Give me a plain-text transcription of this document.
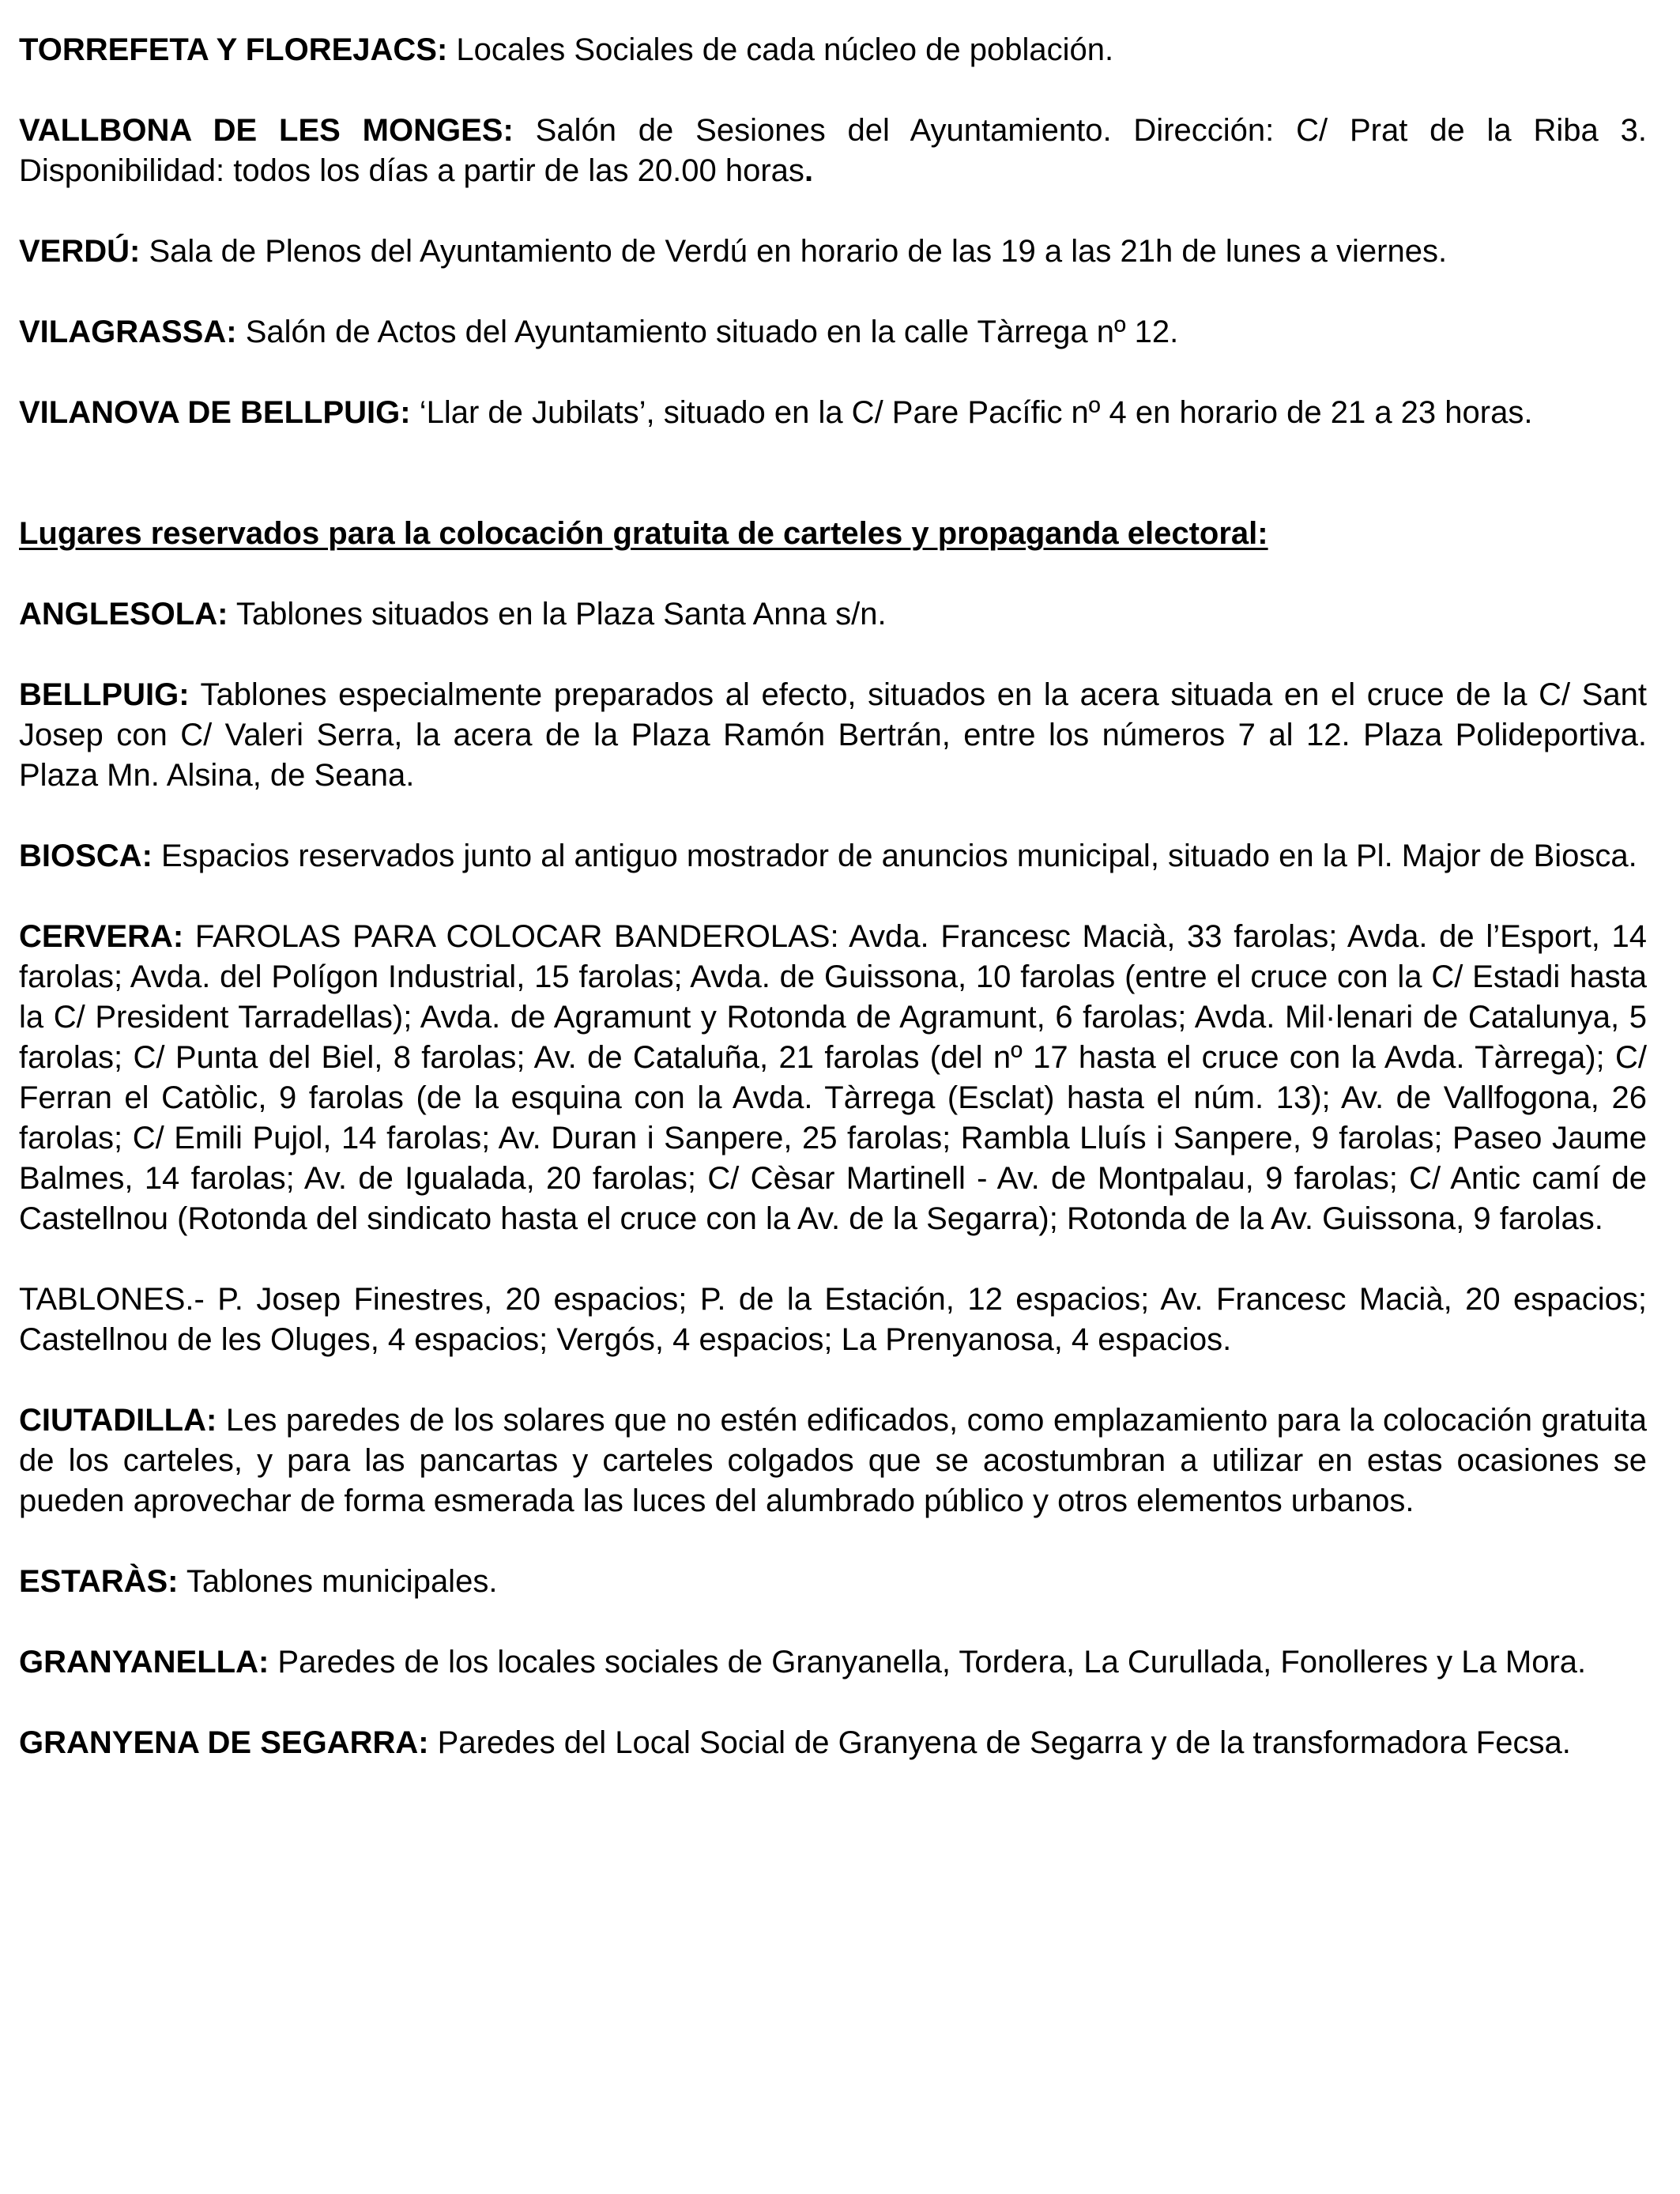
TORREFETA Y FLOREJACS: Locales Sociales de cada núcleo de población.

VALLBONA DE LES MONGES: Salón de Sesiones del Ayuntamiento. Dirección: C/ Prat de la Riba 3. Disponibilidad: todos los días a partir de las 20.00 horas.

VERDÚ: Sala de Plenos del Ayuntamiento de Verdú en horario de las 19 a las 21h de lunes a viernes.

VILAGRASSA: Salón de Actos del Ayuntamiento situado en la calle Tàrrega nº 12.

VILANOVA DE BELLPUIG: ‘Llar de Jubilats’, situado en la C/ Pare Pacífic nº 4 en horario de 21 a 23 horas.

Lugares reservados para la colocación gratuita de carteles y propaganda electoral:

ANGLESOLA: Tablones situados en la Plaza Santa Anna s/n.

BELLPUIG: Tablones especialmente preparados al efecto, situados en la acera situada en el cruce de la C/ Sant Josep con C/ Valeri Serra, la acera de la Plaza Ramón Bertrán, entre los números 7 al 12. Plaza Polideportiva. Plaza Mn. Alsina, de Seana.

BIOSCA: Espacios reservados junto al antiguo mostrador de anuncios municipal, situado en la Pl. Major de Biosca.

CERVERA: FAROLAS PARA COLOCAR BANDEROLAS: Avda. Francesc Macià, 33 farolas; Avda. de l’Esport, 14 farolas; Avda. del Polígon Industrial, 15 farolas; Avda. de Guissona, 10 farolas (entre el cruce con la C/ Estadi hasta la C/ President Tarradellas); Avda. de Agramunt y Rotonda de Agramunt, 6 farolas; Avda. Mil·lenari de Catalunya, 5 farolas; C/ Punta del Biel, 8 farolas; Av. de Cataluña, 21 farolas (del nº 17 hasta el cruce con la Avda. Tàrrega); C/ Ferran el Catòlic, 9 farolas (de la esquina con la Avda. Tàrrega (Esclat) hasta el núm. 13); Av. de Vallfogona, 26 farolas; C/ Emili Pujol, 14 farolas; Av. Duran i Sanpere, 25 farolas; Rambla Lluís i Sanpere, 9 farolas; Paseo Jaume Balmes, 14 farolas; Av. de Igualada, 20 farolas; C/ Cèsar Martinell - Av. de Montpalau, 9 farolas; C/ Antic camí de Castellnou (Rotonda del sindicato hasta el cruce con la Av. de la Segarra); Rotonda de la Av. Guissona, 9 farolas.

TABLONES.- P. Josep Finestres, 20 espacios; P. de la Estación, 12 espacios; Av. Francesc Macià, 20 espacios; Castellnou de les Oluges, 4 espacios; Vergós, 4 espacios; La Prenyanosa, 4 espacios.

CIUTADILLA: Les paredes de los solares que no estén edificados, como emplazamiento para la colocación gratuita de los carteles, y para las pancartas y carteles colgados que se acostumbran a utilizar en estas ocasiones se pueden aprovechar de forma esmerada las luces del alumbrado público y otros elementos urbanos.

ESTARÀS: Tablones municipales.

GRANYANELLA: Paredes de los locales sociales de Granyanella, Tordera, La Curullada, Fonolleres y La Mora.

GRANYENA DE SEGARRA: Paredes del Local Social de Granyena de Segarra y de la transformadora Fecsa.
